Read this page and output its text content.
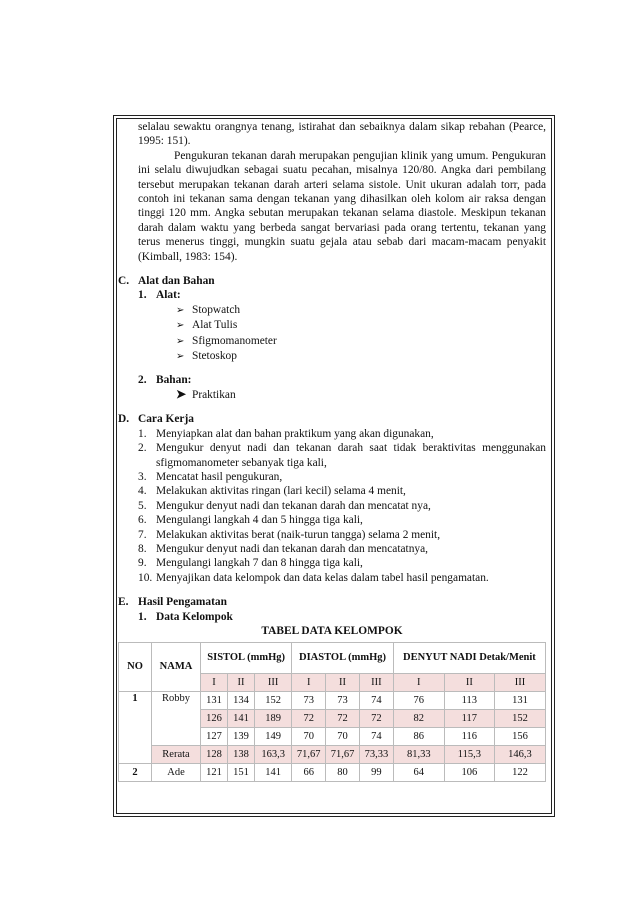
selalau sewaktu orangnya tenang, istirahat dan sebaiknya dalam sikap rebahan (Pearce, 1995: 151).
Pengukuran tekanan darah merupakan pengujian klinik yang umum. Pengukuran ini selalu diwujudkan sebagai suatu pecahan, misalnya 120/80. Angka dari pembilang tersebut merupakan tekanan darah arteri selama sistole. Unit ukuran adalah torr, pada contoh ini tekanan sama dengan tekanan yang dihasilkan oleh kolom air raksa dengan tinggi 120 mm. Angka sebutan merupakan tekanan selama diastole. Meskipun tekanan darah dalam waktu yang berbeda sangat bervariasi pada orang tertentu, tekanan yang terus menerus tinggi, mungkin suatu gejala atau sebab dari macam-macam penyakit (Kimball, 1983: 154).
C. Alat dan Bahan
1. Alat:
➢ Stopwatch
➢ Alat Tulis
➢ Sfigmomanometer
➢ Stetoskop
2. Bahan:
➤ Praktikan
D. Cara Kerja
1. Menyiapkan alat dan bahan praktikum yang akan digunakan,
2. Mengukur denyut nadi dan tekanan darah saat tidak beraktivitas menggunakan sfigmomanometer sebanyak tiga kali,
3. Mencatat hasil pengukuran,
4. Melakukan aktivitas ringan (lari kecil) selama 4 menit,
5. Mengukur denyut nadi dan tekanan darah dan mencatat nya,
6. Mengulangi langkah 4 dan 5 hingga tiga kali,
7. Melakukan aktivitas berat (naik-turun tangga) selama 2 menit,
8. Mengukur denyut nadi dan tekanan darah dan mencatatnya,
9. Mengulangi langkah 7 dan 8 hingga tiga kali,
10. Menyajikan data kelompok dan data kelas dalam tabel hasil pengamatan.
E. Hasil Pengamatan
1. Data Kelompok
TABEL DATA KELOMPOK
NO	NAMA	SISTOL (mmHg)			DIASTOL (mmHg)			DENYUT NADI Detak/Menit		
		I	II	III	I	II	III	I	II	III
1	Robby	131	134	152	73	73	74	76	113	131
		126	141	189	72	72	72	82	117	152
		127	139	149	70	70	74	86	116	156
	Rerata	128	138	163,3	71,67	71,67	73,33	81,33	115,3	146,3
2	Ade	121	151	141	66	80	99	64	106	122
